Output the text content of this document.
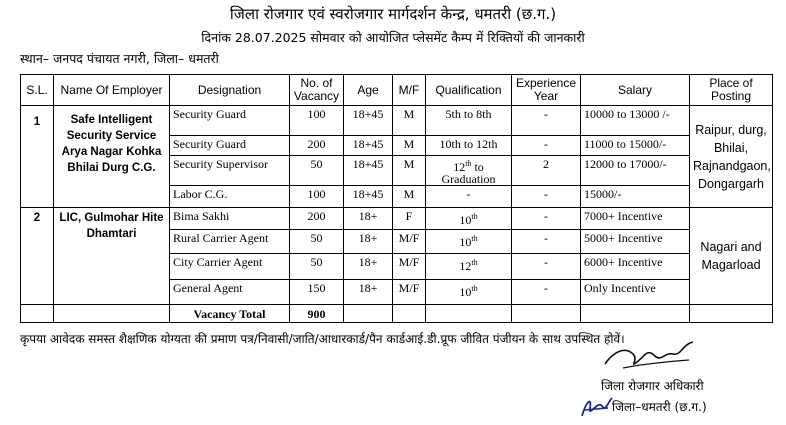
जिला रोजगार एवं स्वरोजगार मार्गदर्शन केन्द्र, धमतरी (छ.ग.)
दिनांक 28.07.2025 सोमवार को आयोजित प्लेसमेंट कैम्प में रिक्तियों की जानकारी
स्थान– जनपद पंचायत नगरी, जिला– धमतरी
S.L.	Name Of Employer	Designation	No. of Vacancy	Age	M/F	Qualification	Experience Year	Salary	Place of Posting
1	Safe Intelligent Security Service Arya Nagar Kohka Bhilai Durg C.G.	Security Guard	100	18+45	M	5th to 8th	-	10000 to 13000 /-	Raipur, durg, Bhilai, Rajnandgaon, Dongargarh
		Security Guard	200	18+45	M	10th to 12th	-	11000 to 15000/-	
		Security Supervisor	50	18+45	M	12th to Graduation	2	12000 to 17000/-	
		Labor C.G.	100	18+45	M	-	-	15000/-	
2	LIC, Gulmohar Hite Dhamtari	Bima Sakhi	200	18+	F	10th	-	7000+ Incentive	Nagari and Magarload
		Rural Carrier Agent	50	18+	M/F	10th	-	5000+ Incentive	
		City Carrier Agent	50	18+	M/F	12th	-	6000+ Incentive	
		General Agent	150	18+	M/F	10th	-	Only Incentive	
		Vacancy Total	900						
कृपया आवेदक समस्त शैक्षणिक योग्यता की प्रमाण पत्र/निवासी/जाति/आधारकार्ड/पैन कार्डआई.डी.प्रूफ जीवित पंजीयन के साथ उपस्थित होवें।
जिला रोजगार अधिकारी
जिला–धमतरी (छ.ग.)
